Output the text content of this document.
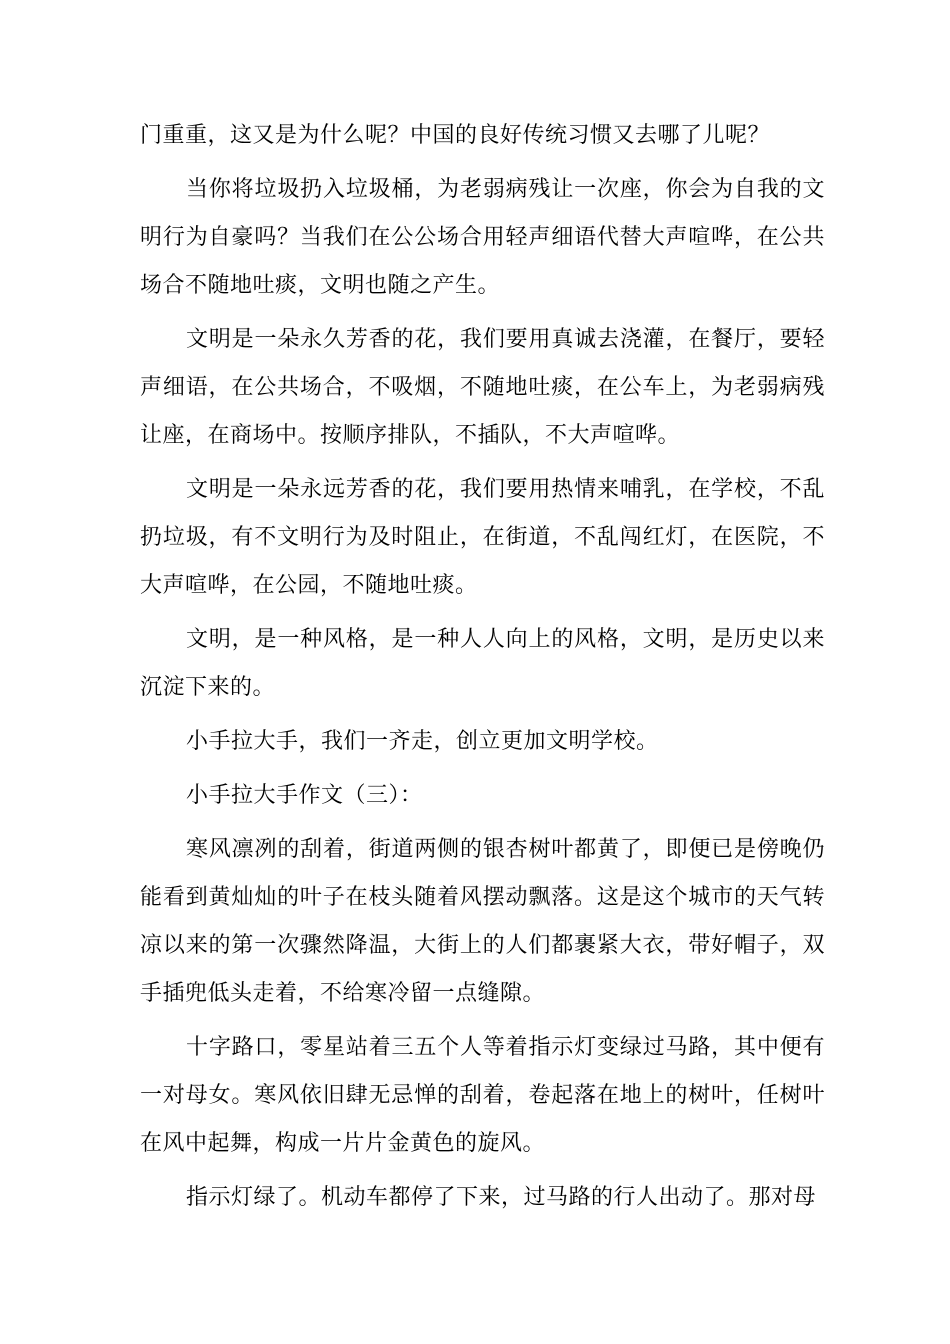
门重重，这又是为什么呢？中国的良好传统习惯又去哪了儿呢？

当你将垃圾扔入垃圾桶，为老弱病残让一次座，你会为自我的文明行为自豪吗？当我们在公公场合用轻声细语代替大声喧哗，在公共场合不随地吐痰，文明也随之产生。

文明是一朵永久芳香的花，我们要用真诚去浇灌，在餐厅，要轻声细语，在公共场合，不吸烟，不随地吐痰，在公车上，为老弱病残让座，在商场中。按顺序排队，不插队，不大声喧哗。

文明是一朵永远芳香的花，我们要用热情来哺乳，在学校，不乱扔垃圾，有不文明行为及时阻止，在街道，不乱闯红灯，在医院，不大声喧哗，在公园，不随地吐痰。

文明，是一种风格，是一种人人向上的风格，文明，是历史以来沉淀下来的。

小手拉大手，我们一齐走，创立更加文明学校。

小手拉大手作文（三）：

寒风凛冽的刮着，街道两侧的银杏树叶都黄了，即便已是傍晚仍能看到黄灿灿的叶子在枝头随着风摆动飘落。这是这个城市的天气转凉以来的第一次骤然降温，大街上的人们都裹紧大衣，带好帽子，双手插兜低头走着，不给寒冷留一点缝隙。

十字路口，零星站着三五个人等着指示灯变绿过马路，其中便有一对母女。寒风依旧肆无忌惮的刮着，卷起落在地上的树叶，任树叶在风中起舞，构成一片片金黄色的旋风。

指示灯绿了。机动车都停了下来，过马路的行人出动了。那对母
